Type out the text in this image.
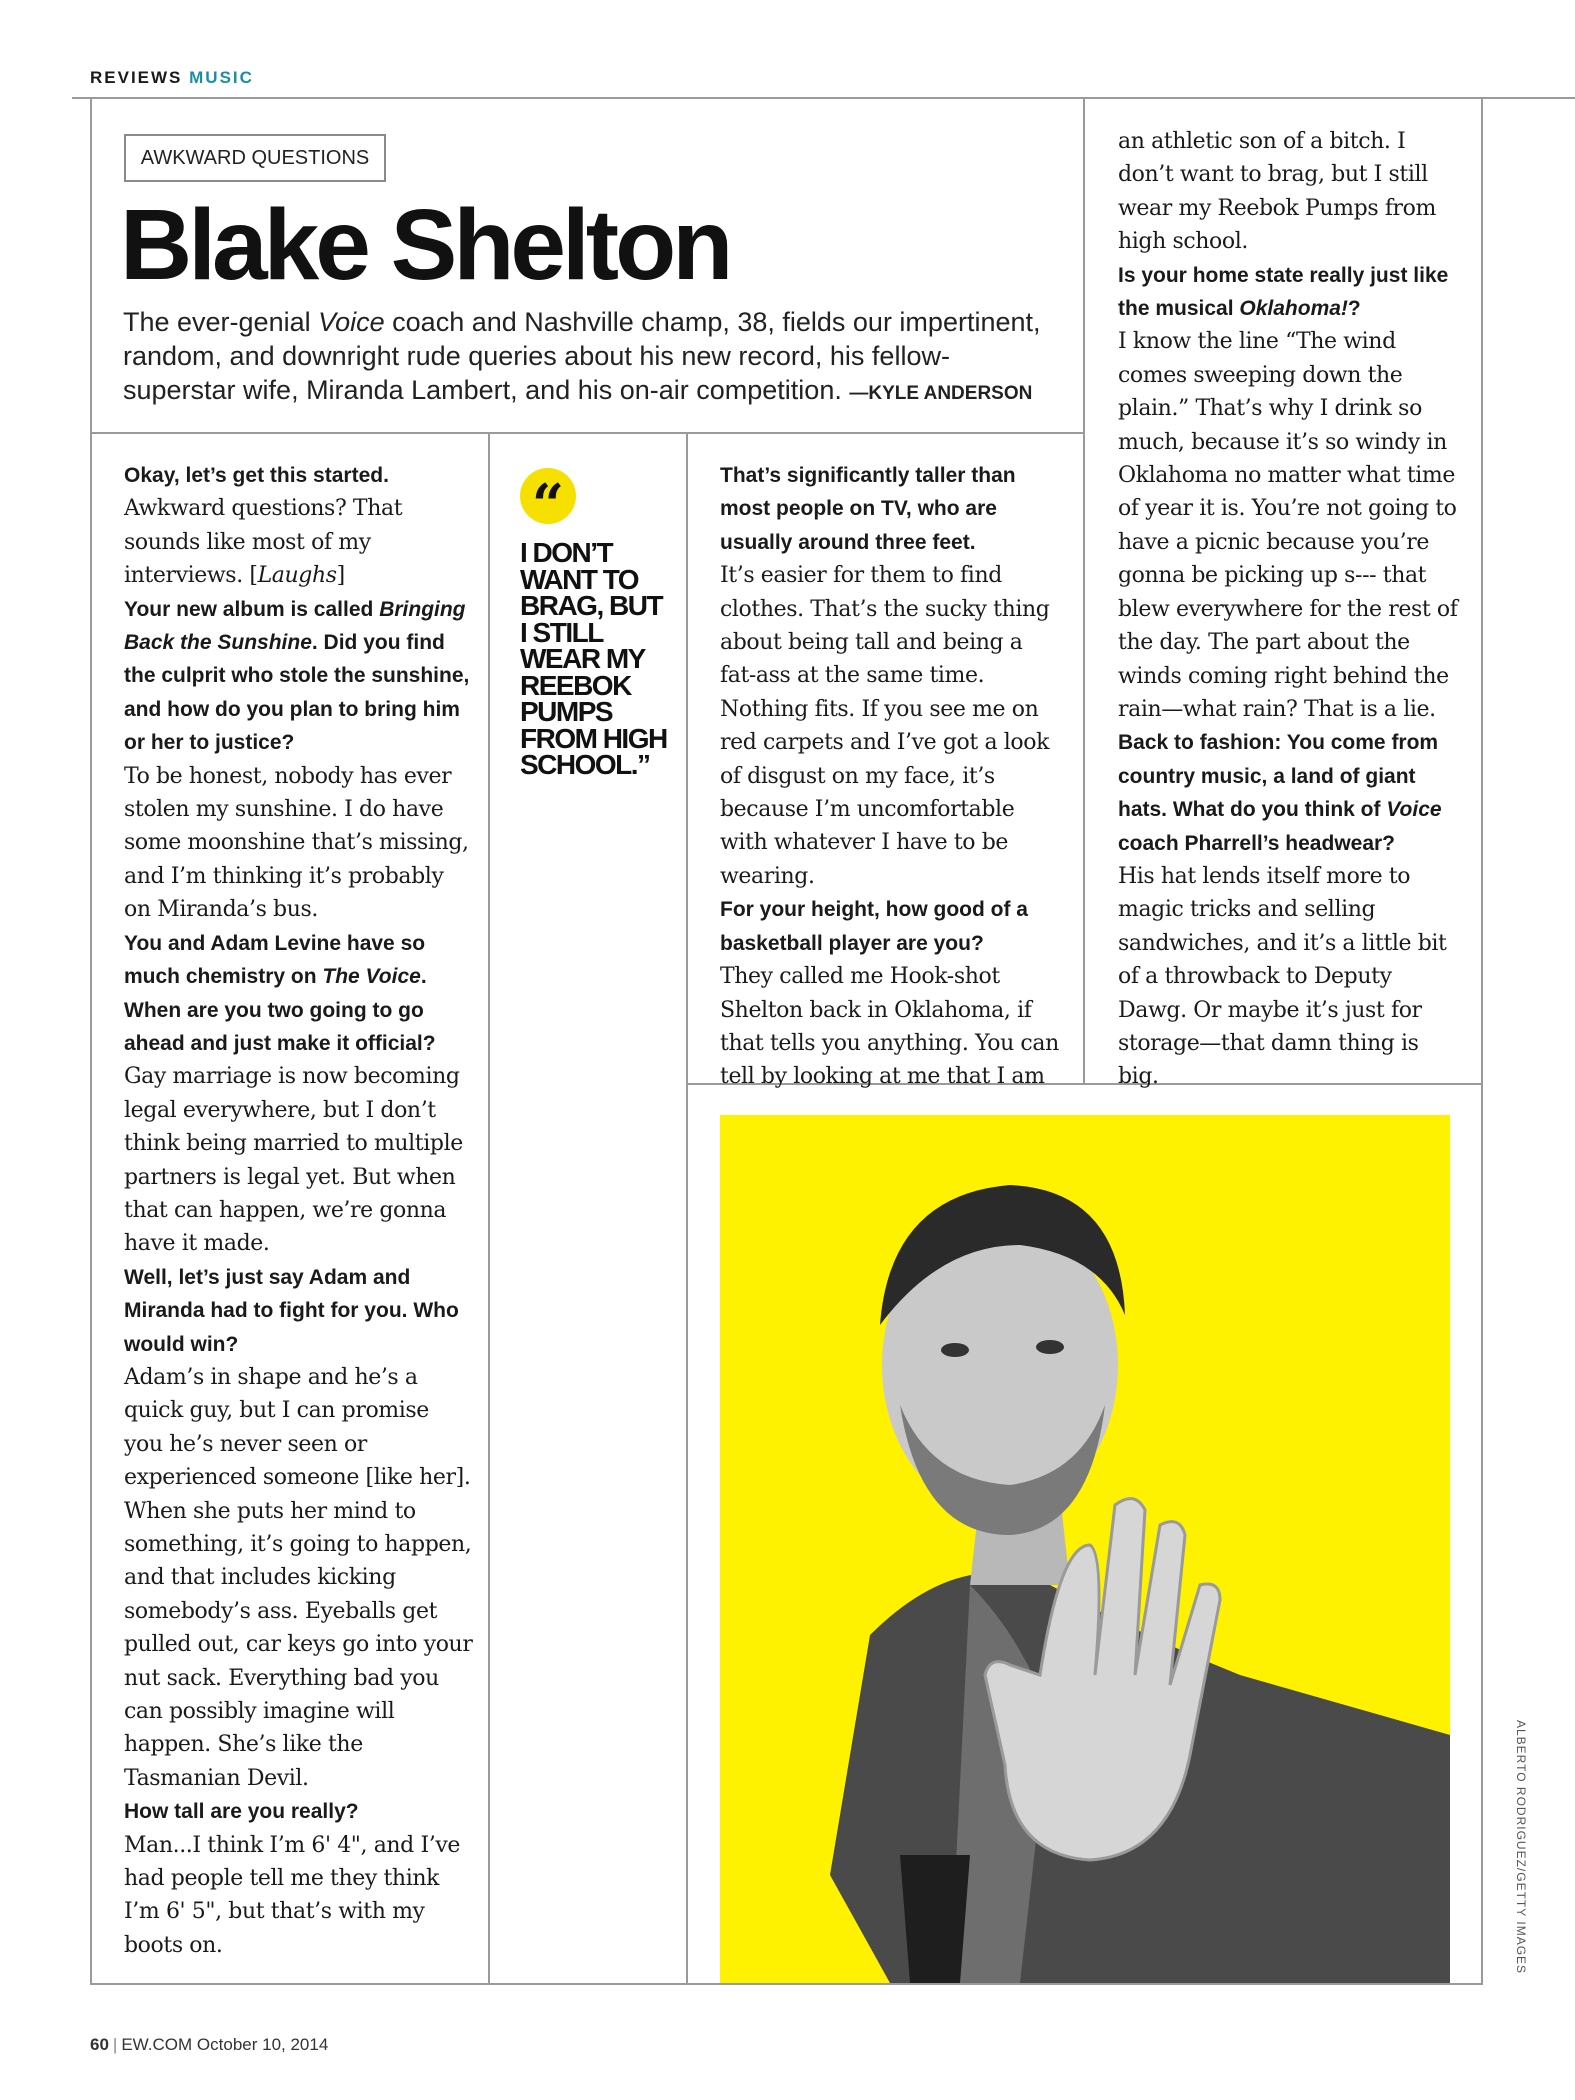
REVIEWS MUSIC
AWKWARD QUESTIONS
Blake Shelton
The ever-genial Voice coach and Nashville champ, 38, fields our impertinent, random, and downright rude queries about his new record, his fellow-superstar wife, Miranda Lambert, and his on-air competition. —KYLE ANDERSON

Okay, let’s get this started.

Awkward questions? That sounds like most of my interviews. [Laughs]

Your new album is called Bringing Back the Sunshine. Did you find the culprit who stole the sunshine, and how do you plan to bring him or her to justice?

To be honest, nobody has ever stolen my sunshine. I do have some moonshine that’s missing, and I’m thinking it’s probably on Miranda’s bus.

You and Adam Levine have so much chemistry on The Voice. When are you two going to go ahead and just make it official?

Gay marriage is now becoming legal everywhere, but I don’t think being married to multiple partners is legal yet. But when that can happen, we’re gonna have it made.

Well, let’s just say Adam and Miranda had to fight for you. Who would win?

Adam’s in shape and he’s a quick guy, but I can promise you he’s never seen or experienced someone [like her]. When she puts her mind to something, it’s going to happen, and that includes kicking somebody’s ass. Eyeballs get pulled out, car keys go into your nut sack. Everything bad you can possibly imagine will happen. She’s like the Tasmanian Devil.

How tall are you really?

Man...I think I’m 6' 4", and I’ve had people tell me they think I’m 6' 5", but that’s with my boots on.

“
I DON’T WANT TO BRAG, BUT I STILL WEAR MY REEBOK PUMPS FROM HIGH SCHOOL.”

That’s significantly taller than most people on TV, who are usually around three feet.

It’s easier for them to find clothes. That’s the sucky thing about being tall and being a fat-ass at the same time. Nothing fits. If you see me on red carpets and I’ve got a look of disgust on my face, it’s because I’m uncomfortable with whatever I have to be wearing.

For your height, how good of a basketball player are you?

They called me Hook-shot Shelton back in Oklahoma, if that tells you anything. You can tell by looking at me that I am

an athletic son of a bitch. I don’t want to brag, but I still wear my Reebok Pumps from high school.

Is your home state really just like the musical Oklahoma!?

I know the line “The wind comes sweeping down the plain.” That’s why I drink so much, because it’s so windy in Oklahoma no matter what time of year it is. You’re not going to have a picnic because you’re gonna be picking up s--- that blew everywhere for the rest of the day. The part about the winds coming right behind the rain—what rain? That is a lie.

Back to fashion: You come from country music, a land of giant hats. What do you think of Voice coach Pharrell’s headwear?

His hat lends itself more to magic tricks and selling sandwiches, and it’s a little bit of a throwback to Deputy Dawg. Or maybe it’s just for storage—that damn thing is big.

ALBERTO RODRIGUEZ/GETTY IMAGES
60 | EW.COM October 10, 2014
